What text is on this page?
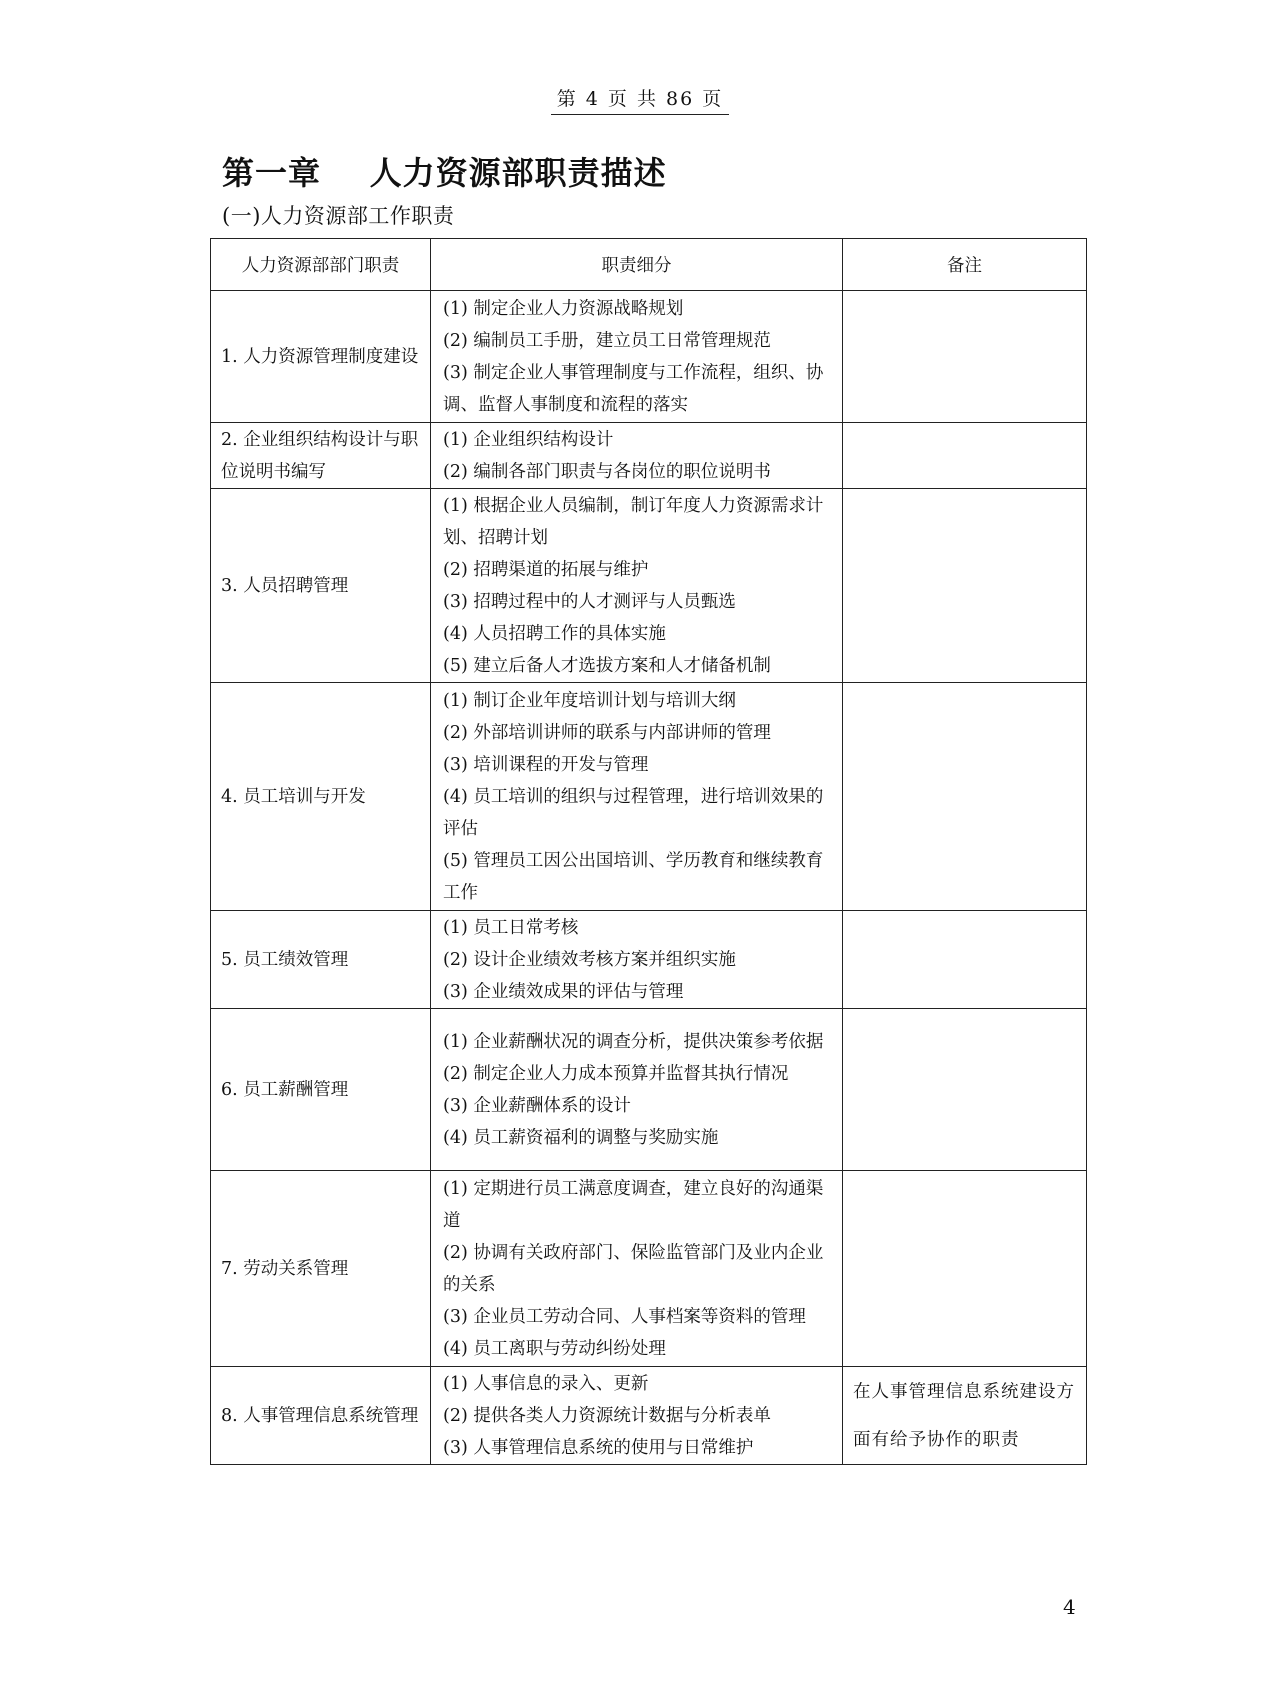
第 4 页 共 86 页
第一章    人力资源部职责描述
(一)人力资源部工作职责
人力资源部部门职责	职责细分	备注
1. 人力资源管理制度建设	(1) 制定企业人力资源战略规划
(2) 编制员工手册，建立员工日常管理规范
(3) 制定企业人事管理制度与工作流程，组织、协调、监督人事制度和流程的落实	

2. 企业组织结构设计与职位说明书编写	(1) 企业组织结构设计
(2) 编制各部门职责与各岗位的职位说明书	

3. 人员招聘管理	(1) 根据企业人员编制，制订年度人力资源需求计划、招聘计划
(2) 招聘渠道的拓展与维护
(3) 招聘过程中的人才测评与人员甄选
(4) 人员招聘工作的具体实施
(5) 建立后备人才选拔方案和人才储备机制	

4. 员工培训与开发	(1) 制订企业年度培训计划与培训大纲
(2) 外部培训讲师的联系与内部讲师的管理
(3) 培训课程的开发与管理
(4) 员工培训的组织与过程管理，进行培训效果的评估
(5) 管理员工因公出国培训、学历教育和继续教育工作	

5. 员工绩效管理	(1) 员工日常考核
(2) 设计企业绩效考核方案并组织实施
(3) 企业绩效成果的评估与管理	

6. 员工薪酬管理	(1) 企业薪酬状况的调查分析，提供决策参考依据
(2) 制定企业人力成本预算并监督其执行情况
(3) 企业薪酬体系的设计
(4) 员工薪资福利的调整与奖励实施	

7. 劳动关系管理	(1) 定期进行员工满意度调查，建立良好的沟通渠道
(2) 协调有关政府部门、保险监管部门及业内企业的关系
(3) 企业员工劳动合同、人事档案等资料的管理
(4) 员工离职与劳动纠纷处理	

8. 人事管理信息系统管理	(1) 人事信息的录入、更新
(2) 提供各类人力资源统计数据与分析表单
(3) 人事管理信息系统的使用与日常维护	在人事管理信息系统建设方面有给予协作的职责
4
